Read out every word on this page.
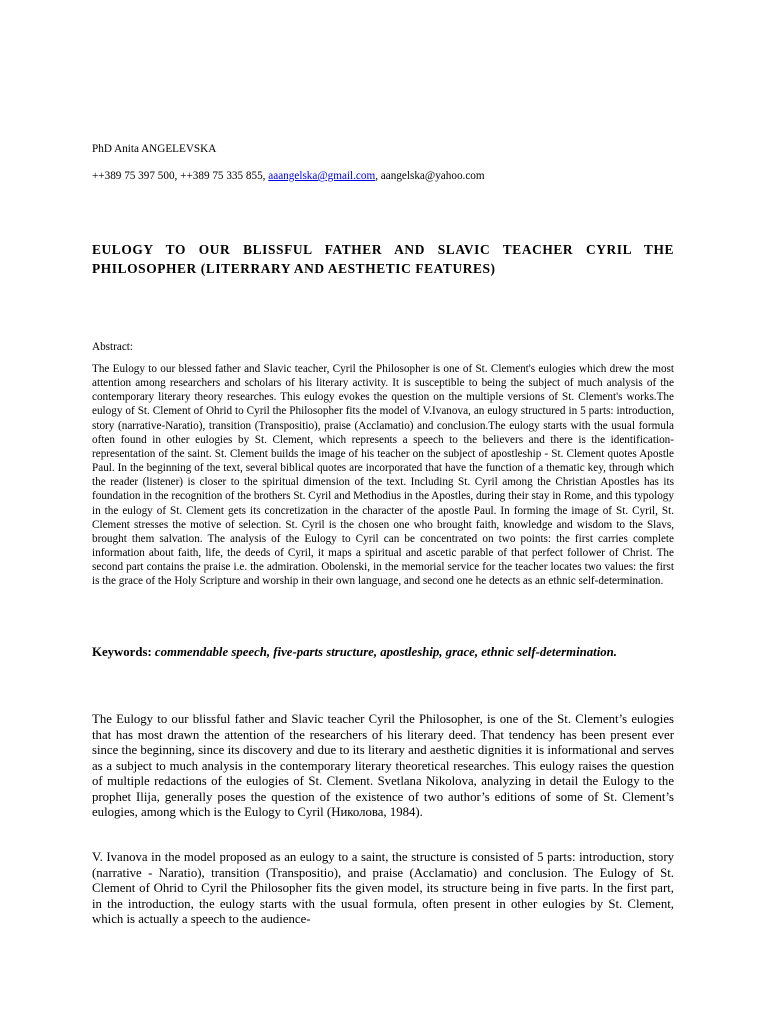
PhD Anita ANGELEVSKA
++389 75 397 500, ++389 75 335 855, aaangelska@gmail.com, aangelska@yahoo.com
EULOGY TO OUR BLISSFUL FATHER AND SLAVIC TEACHER CYRIL THE PHILOSOPHER (LITERRARY AND AESTHETIC FEATURES)
Abstract:

The Eulogy to our blessed father and Slavic teacher, Cyril the Philosopher is one of St. Clement's eulogies which drew the most attention among researchers and scholars of his literary activity. It is susceptible to being the subject of much analysis of the contemporary literary theory researches. This eulogy evokes the question on the multiple versions of St. Clement's works.The eulogy of St. Clement of Ohrid to Cyril the Philosopher fits the model of V.Ivanova, an eulogy structured in 5 parts: introduction, story (narrative-Naratio), transition (Transpositio), praise (Acclamatio) and conclusion.The eulogy starts with the usual formula often found in other eulogies by St. Clement, which represents a speech to the believers and there is the identification- representation of the saint. St. Clement builds the image of his teacher on the subject of apostleship - St. Clement quotes Apostle Paul. In the beginning of the text, several biblical quotes are incorporated that have the function of a thematic key, through which the reader (listener) is closer to the spiritual dimension of the text. Including St. Cyril among the Christian Apostles has its foundation in the recognition of the brothers St. Cyril and Methodius in the Apostles, during their stay in Rome, and this typology in the eulogy of St. Clement gets its concretization in the character of the apostle Paul. In forming the image of St. Cyril, St. Clement stresses the motive of selection. St. Cyril is the chosen one who brought faith, knowledge and wisdom to the Slavs, brought them salvation. The analysis of the Eulogy to Cyril can be concentrated on two points: the first carries complete information about faith, life, the deeds of Cyril, it maps a spiritual and ascetic parable of that perfect follower of Christ. The second part contains the praise i.e. the admiration. Obolenski, in the memorial service for the teacher locates two values: the first is the grace of the Holy Scripture and worship in their own language, and second one he detects as an ethnic self-determination.

Keywords: commendable speech, five-parts structure, apostleship, grace, ethnic self-determination.

The Eulogy to our blissful father and Slavic teacher Cyril the Philosopher, is one of the St. Clement’s eulogies that has most drawn the attention of the researchers of his literary deed. That tendency has been present ever since the beginning, since its discovery and due to its literary and aesthetic dignities it is informational and serves as a subject to much analysis in the contemporary literary theoretical researches. This eulogy raises the question of multiple redactions of the eulogies of St. Clement. Svetlana Nikolova, analyzing in detail the Eulogy to the prophet Ilija, generally poses the question of the existence of two author’s editions of some of St. Clement’s eulogies, among which is the Eulogy to Cyril (Николова, 1984).

V. Ivanova in the model proposed as an eulogy to a saint, the structure is consisted of 5 parts: introduction, story (narrative - Naratio), transition (Transpositio), and praise (Acclamatio) and conclusion. The Eulogy of St. Clement of Ohrid to Cyril the Philosopher fits the given model, its structure being in five parts. In the first part, in the introduction, the eulogy starts with the usual formula, often present in other eulogies by St. Clement, which is actually a speech to the audience-
